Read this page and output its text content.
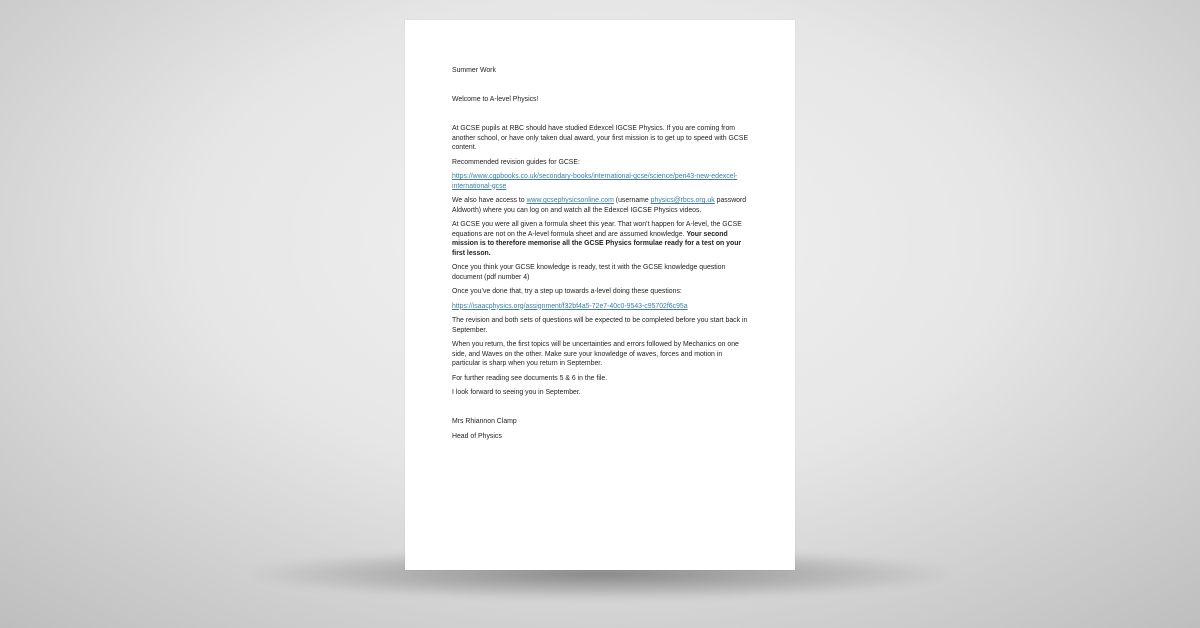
Summer Work

Welcome to A-level Physics!

At GCSE pupils at RBC should have studied Edexcel IGCSE Physics. If you are coming from another school, or have only taken dual award, your first mission is to get up to speed with GCSE content.

Recommended revision guides for GCSE:

https://www.cgpbooks.co.uk/secondary-books/international-gcse/science/peri43-new-edexcel-international-gcse

We also have access to www.gcsephysicsonline.com (username physics@rbcs.org.uk password Aldworth) where you can log on and watch all the Edexcel IGCSE Physics videos.

At GCSE you were all given a formula sheet this year. That won’t happen for A-level, the GCSE equations are not on the A-level formula sheet and are assumed knowledge. Your second mission is to therefore memorise all the GCSE Physics formulae ready for a test on your first lesson.

Once you think your GCSE knowledge is ready, test it with the GCSE knowledge question document (pdf number 4)

Once you’ve done that, try a step up towards a-level doing these questions:

https://isaacphysics.org/assignment/f32bf4a5-72e7-40c0-9543-c95702f6c95a

The revision and both sets of questions will be expected to be completed before you start back in September.

When you return, the first topics will be uncertainties and errors followed by Mechanics on one side, and Waves on the other. Make sure your knowledge of waves, forces and motion in particular is sharp when you return in September.

For further reading see documents 5 & 6 in the file.

I look forward to seeing you in September.

Mrs Rhiannon Clamp

Head of Physics
